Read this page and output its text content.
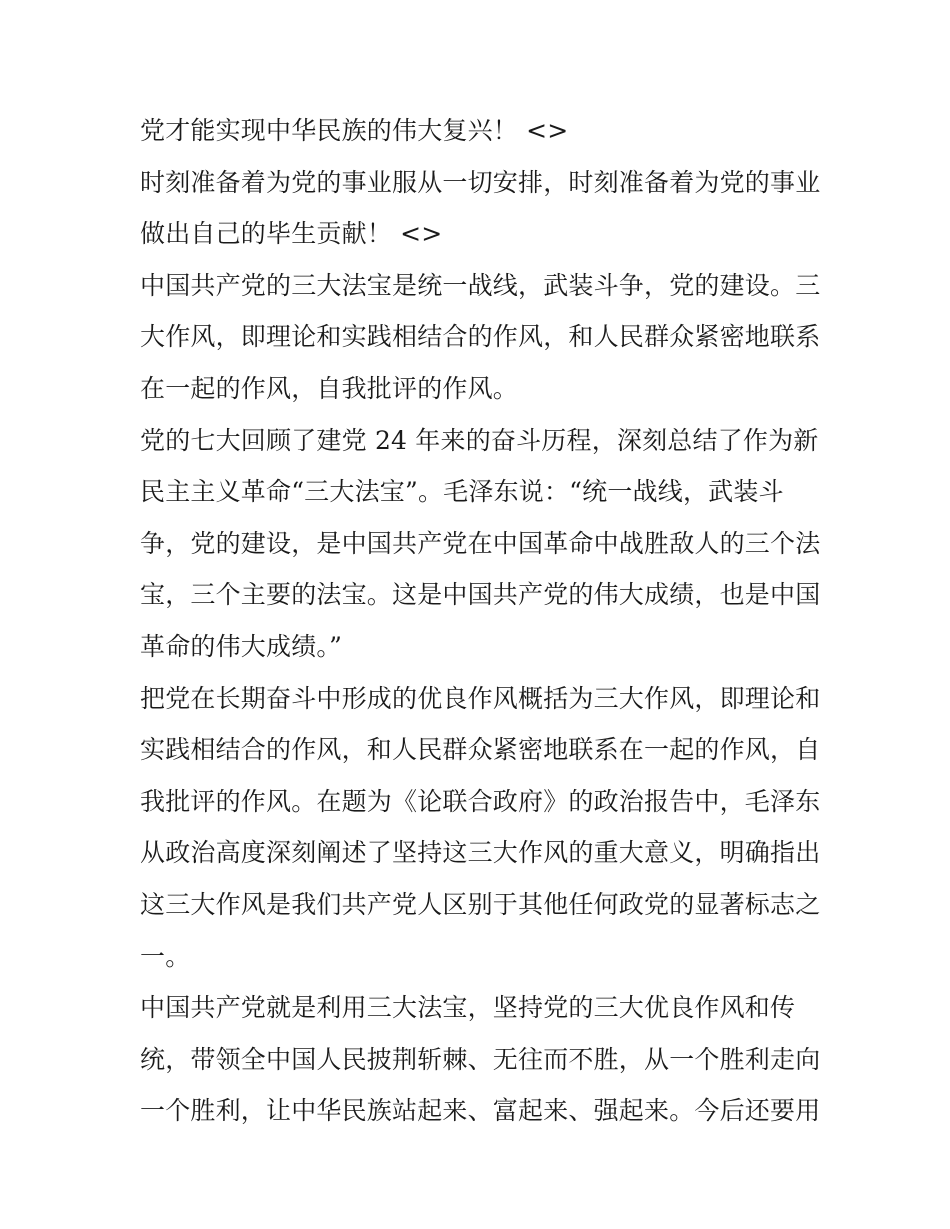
党才能实现中华民族的伟大复兴！ <>
时刻准备着为党的事业服从一切安排，时刻准备着为党的事业
做出自己的毕生贡献！ <>
中国共产党的三大法宝是统一战线，武装斗争，党的建设。三
大作风，即理论和实践相结合的作风，和人民群众紧密地联系
在一起的作风，自我批评的作风。
党的七大回顾了建党 24 年来的奋斗历程，深刻总结了作为新
民主主义革命“三大法宝”。毛泽东说：“统一战线，武装斗
争，党的建设，是中国共产党在中国革命中战胜敌人的三个法
宝，三个主要的法宝。这是中国共产党的伟大成绩，也是中国
革命的伟大成绩。”
把党在长期奋斗中形成的优良作风概括为三大作风，即理论和
实践相结合的作风，和人民群众紧密地联系在一起的作风，自
我批评的作风。在题为《论联合政府》的政治报告中，毛泽东
从政治高度深刻阐述了坚持这三大作风的重大意义，明确指出
这三大作风是我们共产党人区别于其他任何政党的显著标志之
一。
中国共产党就是利用三大法宝，坚持党的三大优良作风和传
统，带领全中国人民披荆斩棘、无往而不胜，从一个胜利走向
一个胜利，让中华民族站起来、富起来、强起来。今后还要用
